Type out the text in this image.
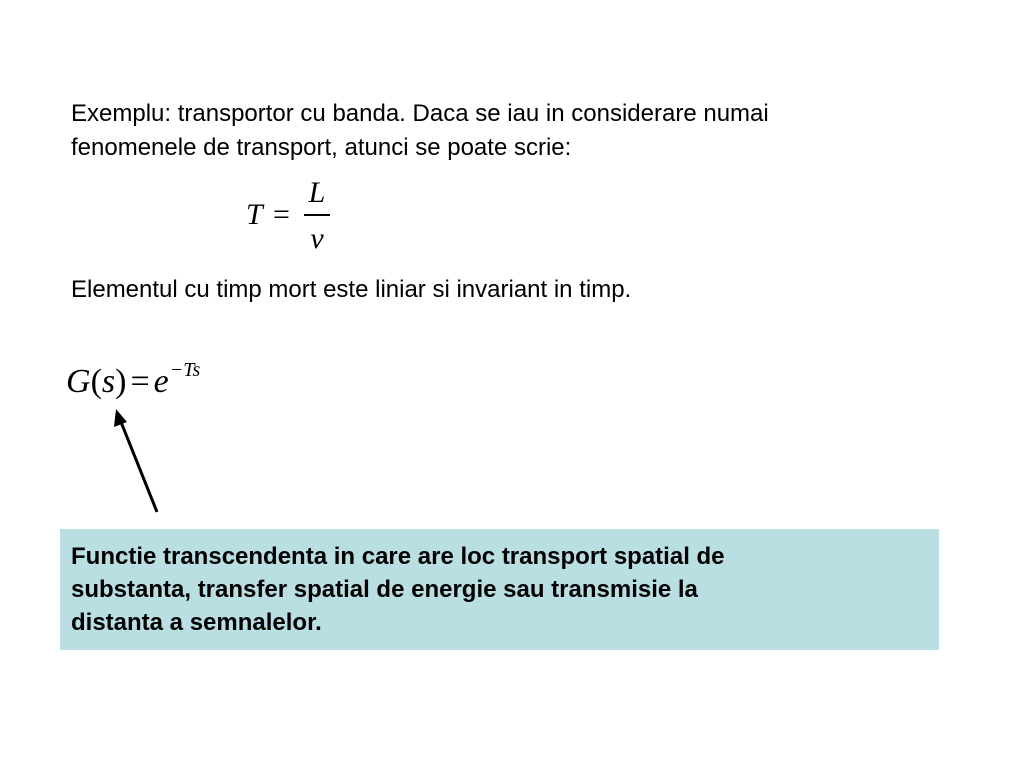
Exemplu: transportor cu banda. Daca se iau in considerare numai
fenomenele de transport, atunci se poate scrie:
T =
L
v
Elementul cu timp mort este liniar si invariant in timp.
G(s) = e−Ts

Functie transcendenta in care are loc transport spatial de

substanta, transfer spatial de energie sau transmisie la

distanta a semnalelor.
